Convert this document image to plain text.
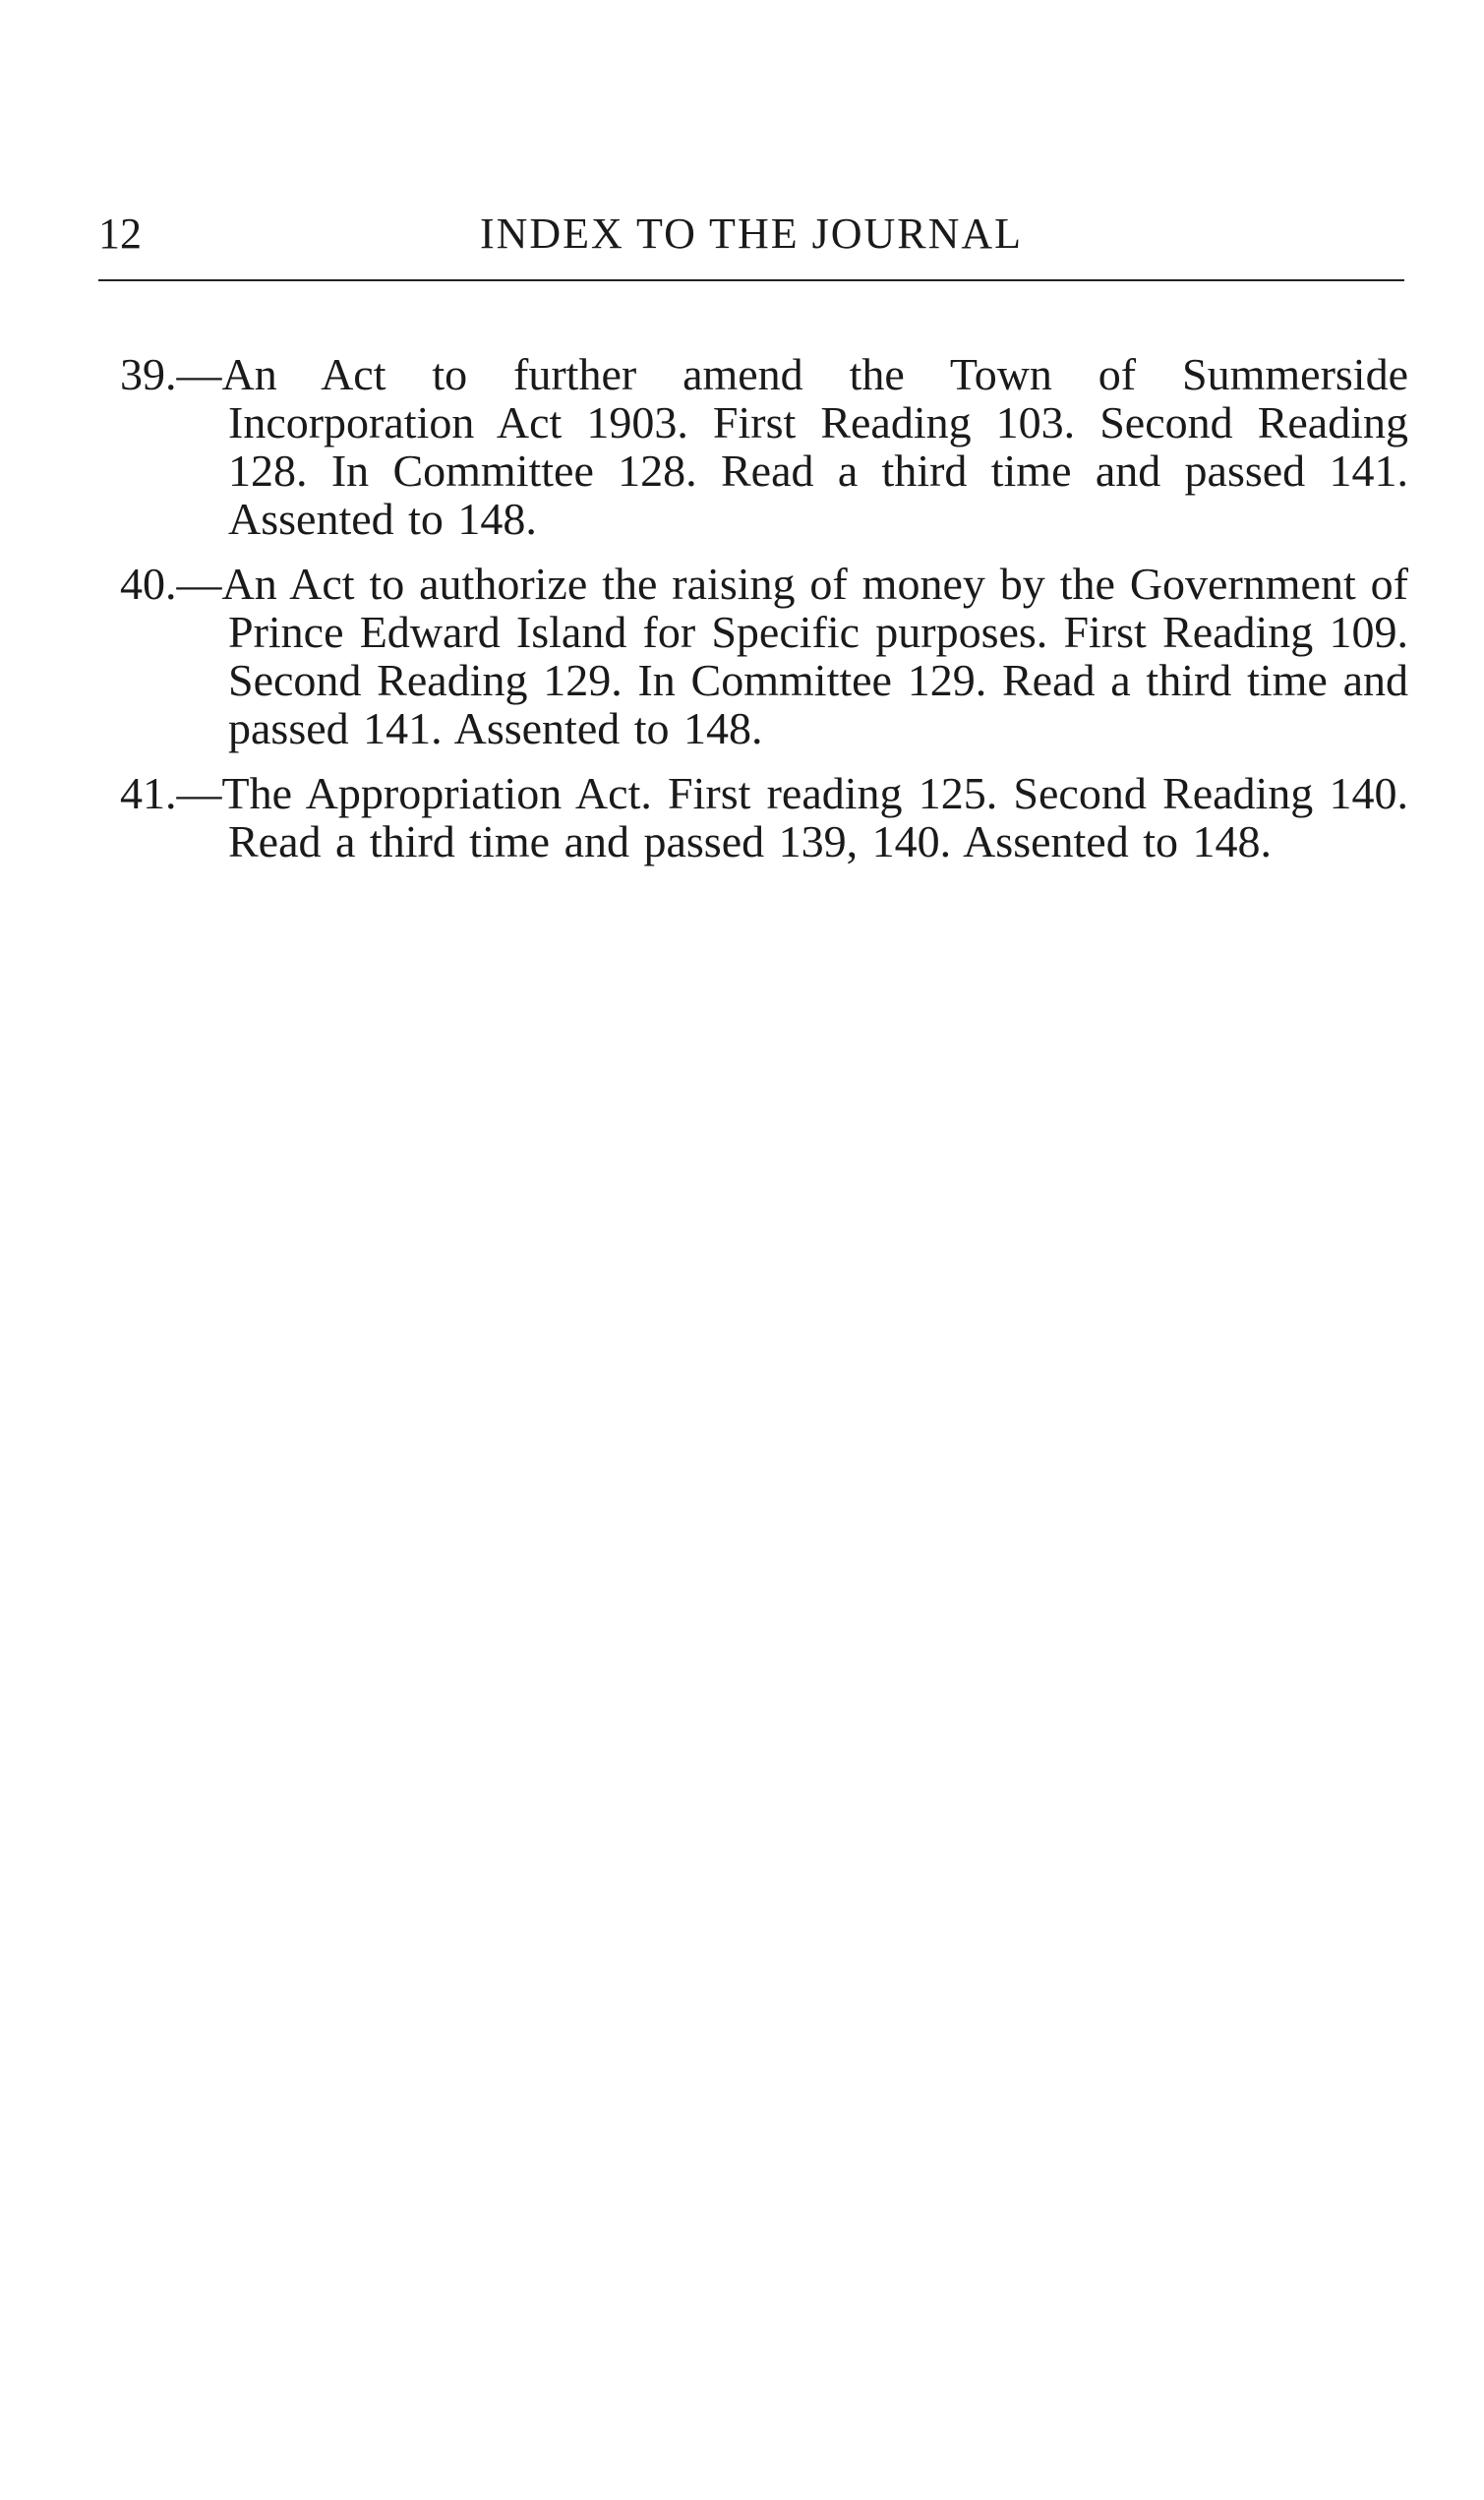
12	INDEX TO THE JOURNAL

39.—An Act to further amend the Town of Summerside Incorporation Act 1903. First Reading 103. Second Reading 128. In Committee 128. Read a third time and passed 141. Assented to 148.

40.—An Act to authorize the raising of money by the Government of Prince Edward Island for Specific purposes. First Reading 109. Second Reading 129. In Committee 129. Read a third time and passed 141. Assented to 148.

41.—The Appropriation Act. First reading 125. Second Reading 140. Read a third time and passed 139, 140. Assented to 148.
